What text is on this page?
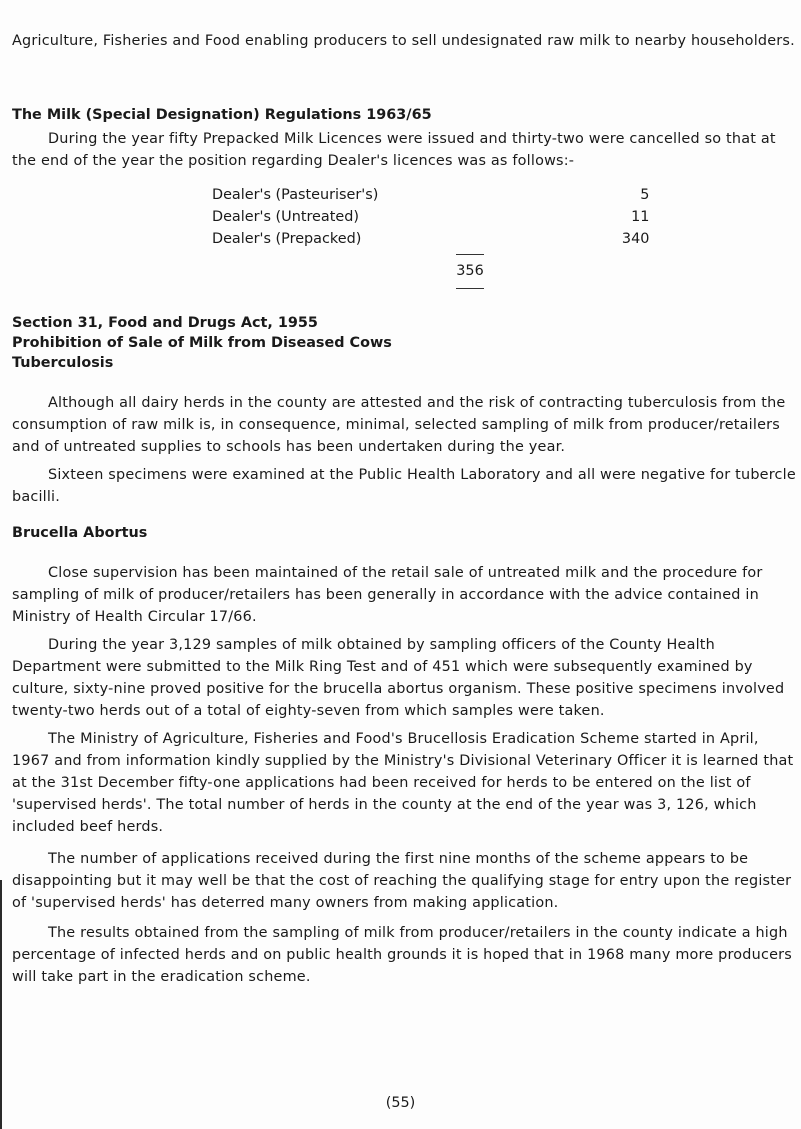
Agriculture, Fisheries and Food enabling producers to sell undesignated raw milk to nearby householders.

The Milk (Special Designation) Regulations 1963/65

During the year fifty Prepacked Milk Licences were issued and thirty-two were cancelled so that at the end of the year the position regarding Dealer's licences was as follows:-

Dealer's (Pasteuriser's)	5
Dealer's (Untreated)	11
Dealer's (Prepacked)	340
356
Section 31, Food and Drugs Act, 1955
Prohibition of Sale of Milk from Diseased Cows
Tuberculosis

Although all dairy herds in the county are attested and the risk of contracting tuberculosis from the consumption of raw milk is, in consequence, minimal, selected sampling of milk from producer/retailers and of untreated supplies to schools has been undertaken during the year.

Sixteen specimens were examined at the Public Health Laboratory and all were negative for tubercle bacilli.

Brucella Abortus

Close supervision has been maintained of the retail sale of untreated milk and the procedure for sampling of milk of producer/retailers has been generally in accordance with the advice contained in Ministry of Health Circular 17/66.

During the year 3,129 samples of milk obtained by sampling officers of the County Health Department were submitted to the Milk Ring Test and of 451 which were subsequently examined by culture, sixty-nine proved positive for the brucella abortus organism. These positive specimens involved twenty-two herds out of a total of eighty-seven from which samples were taken.

The Ministry of Agriculture, Fisheries and Food's Brucellosis Eradication Scheme started in April, 1967 and from information kindly supplied by the Ministry's Divisional Veterinary Officer it is learned that at the 31st December fifty-one applications had been received for herds to be entered on the list of 'supervised herds'. The total number of herds in the county at the end of the year was 3, 126, which included beef herds.

The number of applications received during the first nine months of the scheme appears to be disappointing but it may well be that the cost of reaching the qualifying stage for entry upon the register of 'supervised herds' has deterred many owners from making application.

The results obtained from the sampling of milk from producer/retailers in the county indicate a high percentage of infected herds and on public health grounds it is hoped that in 1968 many more producers will take part in the eradication scheme.

(55)
